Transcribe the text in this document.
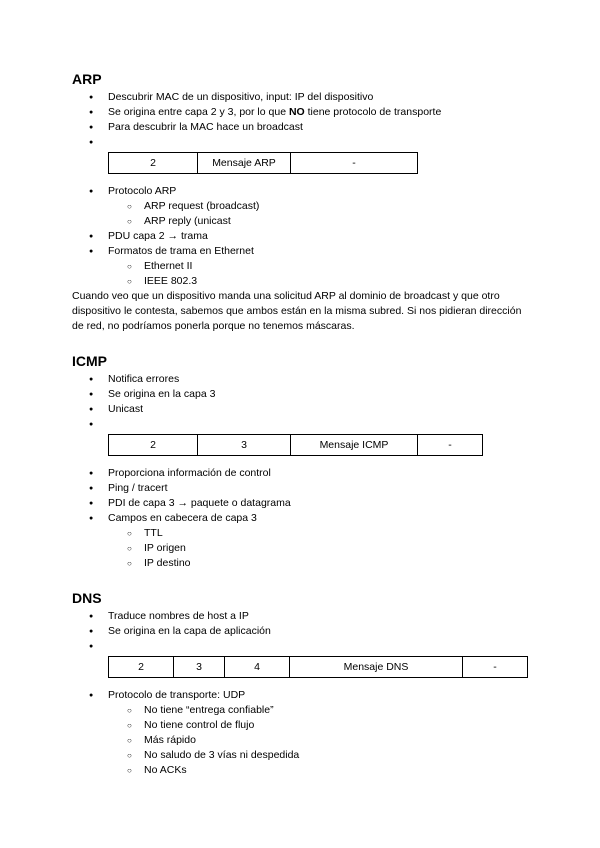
ARP
● Descubrir MAC de un dispositivo, input: IP del dispositivo
● Se origina entre capa 2 y 3, por lo que NO tiene protocolo de transporte
● Para descubrir la MAC hace un broadcast
●
2	Mensaje ARP	-
● Protocolo ARP
○ ARP request (broadcast)
○ ARP reply (unicast
● PDU capa 2 → trama
● Formatos de trama en Ethernet
○ Ethernet II
○ IEEE 802.3

Cuando veo que un dispositivo manda una solicitud ARP al dominio de broadcast y que otro dispositivo le contesta, sabemos que ambos están en la misma subred. Si nos pidieran dirección de red, no podríamos ponerla porque no tenemos máscaras.

ICMP
● Notifica errores
● Se origina en la capa 3
● Unicast
●
2	3	Mensaje ICMP	-
● Proporciona información de control
● Ping / tracert
● PDI de capa 3 → paquete o datagrama
● Campos en cabecera de capa 3
○ TTL
○ IP origen
○ IP destino
DNS
● Traduce nombres de host a IP
● Se origina en la capa de aplicación
●
2	3	4	Mensaje DNS	-
● Protocolo de transporte: UDP
○ No tiene “entrega confiable”
○ No tiene control de flujo
○ Más rápido
○ No saludo de 3 vías ni despedida
○ No ACKs
